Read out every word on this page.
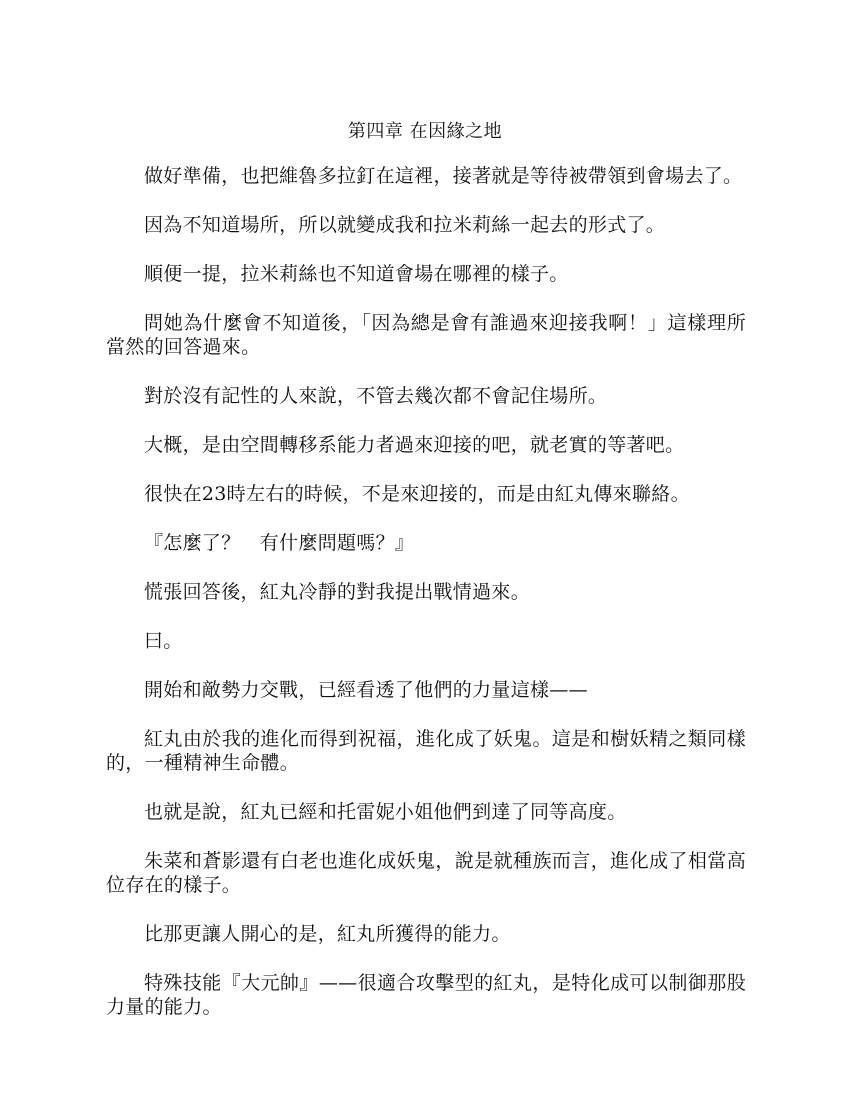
第四章 在因緣之地

做好準備，也把維魯多拉釘在這裡，接著就是等待被帶領到會場去了。

因為不知道場所，所以就變成我和拉米莉絲一起去的形式了。

順便一提，拉米莉絲也不知道會場在哪裡的樣子。

問她為什麼會不知道後，「因為總是會有誰過來迎接我啊！」這樣理所當然的回答過來。

對於沒有記性的人來說，不管去幾次都不會記住場所。

大概，是由空間轉移系能力者過來迎接的吧，就老實的等著吧。

很快在23時左右的時候，不是來迎接的，而是由紅丸傳來聯絡。

『怎麼了？　有什麼問題嗎？』

慌張回答後，紅丸冷靜的對我提出戰情過來。

曰。

開始和敵勢力交戰，已經看透了他們的力量這樣——

紅丸由於我的進化而得到祝福，進化成了妖鬼。這是和樹妖精之類同樣的，一種精神生命體。

也就是說，紅丸已經和托雷妮小姐他們到達了同等高度。

朱菜和蒼影還有白老也進化成妖鬼，說是就種族而言，進化成了相當高位存在的樣子。

比那更讓人開心的是，紅丸所獲得的能力。

特殊技能『大元帥』——很適合攻擊型的紅丸，是特化成可以制御那股力量的能力。
